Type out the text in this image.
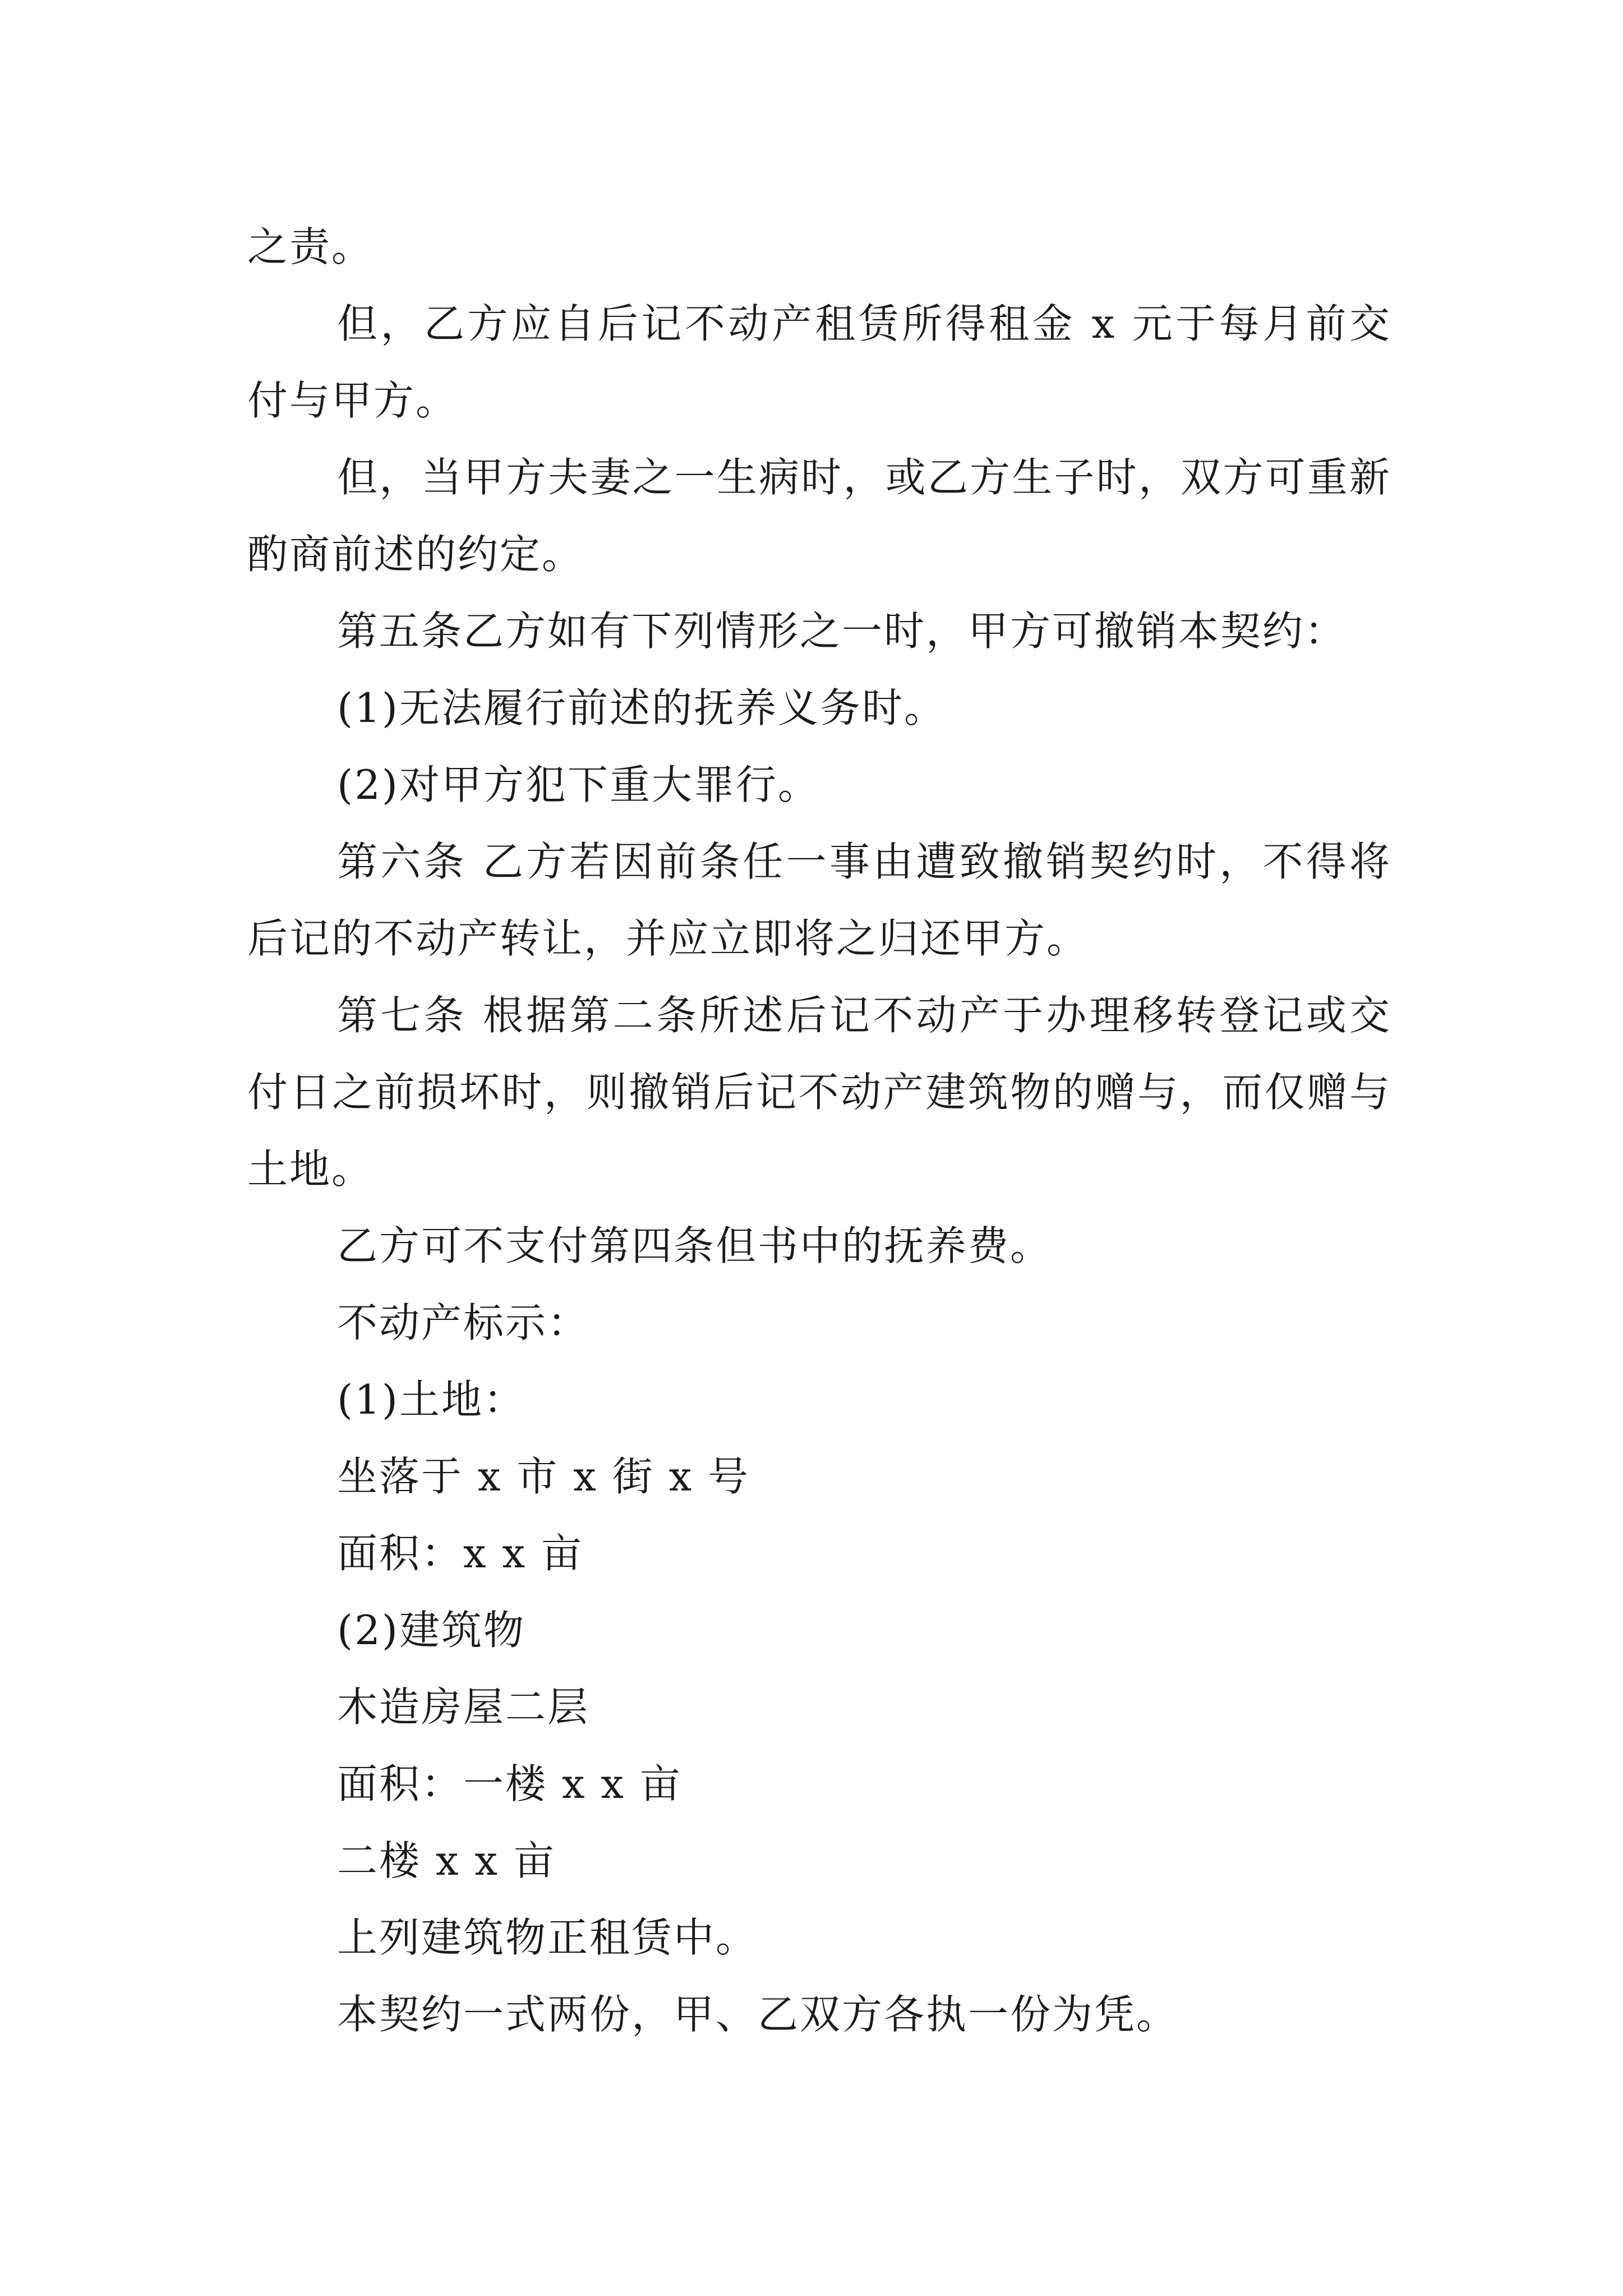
之责。

但，乙方应自后记不动产租赁所得租金 x 元于每月前交付与甲方。

但，当甲方夫妻之一生病时，或乙方生子时，双方可重新酌商前述的约定。

第五条乙方如有下列情形之一时，甲方可撤销本契约：

(1)无法履行前述的抚养义务时。

(2)对甲方犯下重大罪行。

第六条 乙方若因前条任一事由遭致撤销契约时，不得将后记的不动产转让，并应立即将之归还甲方。

第七条 根据第二条所述后记不动产于办理移转登记或交付日之前损坏时，则撤销后记不动产建筑物的赠与，而仅赠与土地。

乙方可不支付第四条但书中的抚养费。

不动产标示：

(1)土地：

坐落于 x 市 x 街 x 号

面积：x x 亩

(2)建筑物

木造房屋二层

面积：一楼 x x 亩

二楼 x x 亩

上列建筑物正租赁中。

本契约一式两份，甲、乙双方各执一份为凭。
